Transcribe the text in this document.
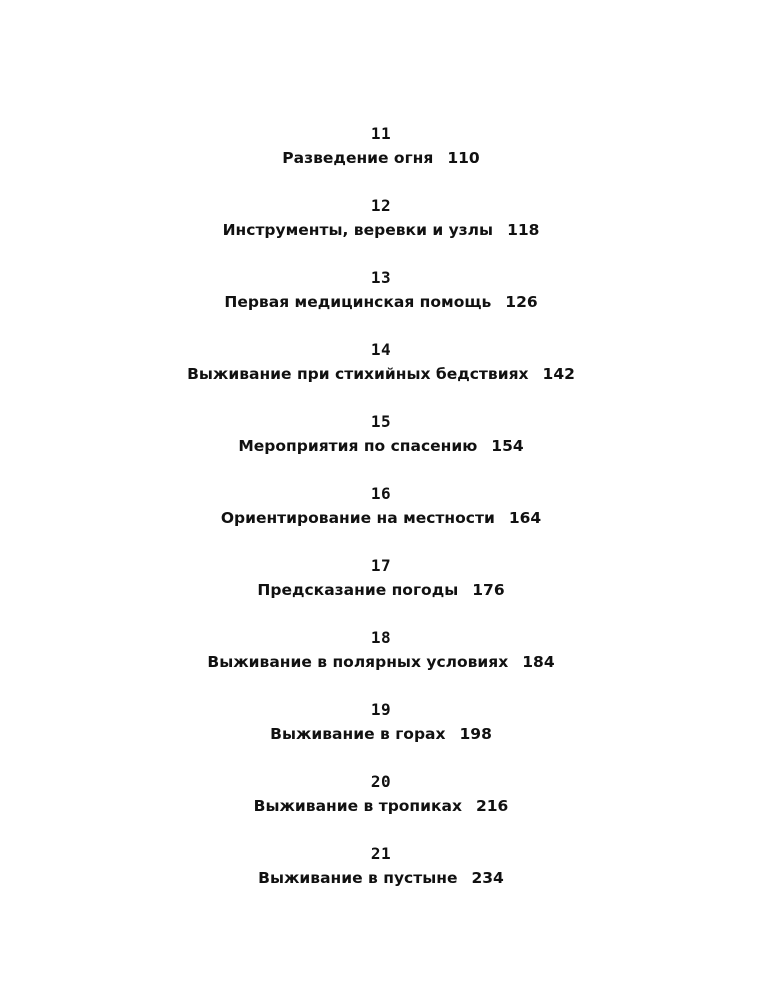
11
Разведение огня 110
12
Инструменты, веревки и узлы 118
13
Первая медицинская помощь 126
14
Выживание при стихийных бедствиях 142
15
Мероприятия по спасению 154
16
Ориентирование на местности 164
17
Предсказание погоды 176
18
Выживание в полярных условиях 184
19
Выживание в горах 198
20
Выживание в тропиках 216
21
Выживание в пустыне 234
